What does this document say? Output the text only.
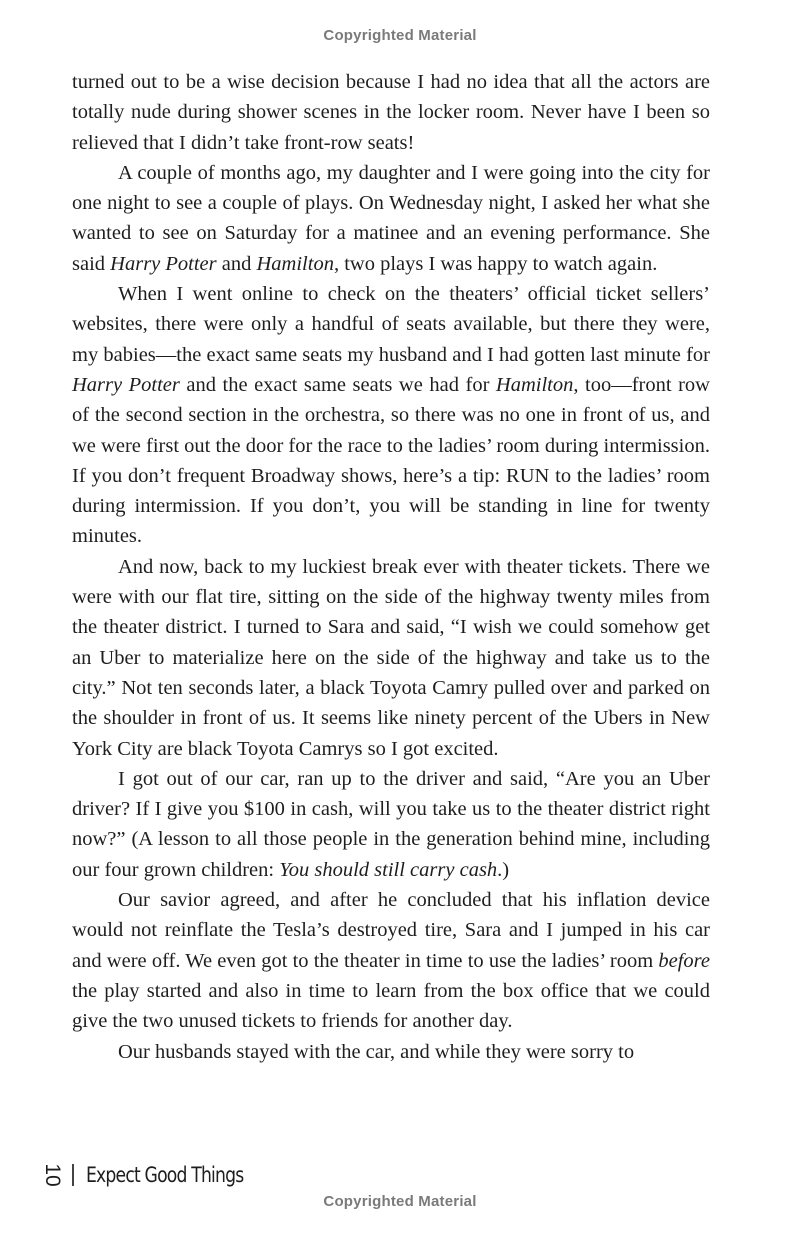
Copyrighted Material

turned out to be a wise decision because I had no idea that all the actors are totally nude during shower scenes in the locker room. Never have I been so relieved that I didn’t take front-row seats!

A couple of months ago, my daughter and I were going into the city for one night to see a couple of plays. On Wednesday night, I asked her what she wanted to see on Saturday for a matinee and an evening performance. She said Harry Potter and Hamilton, two plays I was happy to watch again.

When I went online to check on the theaters’ official ticket sellers’ websites, there were only a handful of seats available, but there they were, my babies—the exact same seats my husband and I had gotten last minute for Harry Potter and the exact same seats we had for Hamilton, too—front row of the second section in the orchestra, so there was no one in front of us, and we were first out the door for the race to the ladies’ room during intermission. If you don’t frequent Broadway shows, here’s a tip: RUN to the ladies’ room during intermission. If you don’t, you will be standing in line for twenty minutes.

And now, back to my luckiest break ever with theater tickets. There we were with our flat tire, sitting on the side of the highway twenty miles from the theater district. I turned to Sara and said, “I wish we could somehow get an Uber to materialize here on the side of the highway and take us to the city.” Not ten seconds later, a black Toyota Camry pulled over and parked on the shoulder in front of us. It seems like ninety percent of the Ubers in New York City are black Toyota Camrys so I got excited.

I got out of our car, ran up to the driver and said, “Are you an Uber driver? If I give you $100 in cash, will you take us to the theater district right now?” (A lesson to all those people in the generation behind mine, including our four grown children: You should still carry cash.)

Our savior agreed, and after he concluded that his inflation device would not reinflate the Tesla’s destroyed tire, Sara and I jumped in his car and were off. We even got to the theater in time to use the ladies’ room before the play started and also in time to learn from the box office that we could give the two unused tickets to friends for another day.

Our husbands stayed with the car, and while they were sorry to

10 Expect Good Things
Copyrighted Material
